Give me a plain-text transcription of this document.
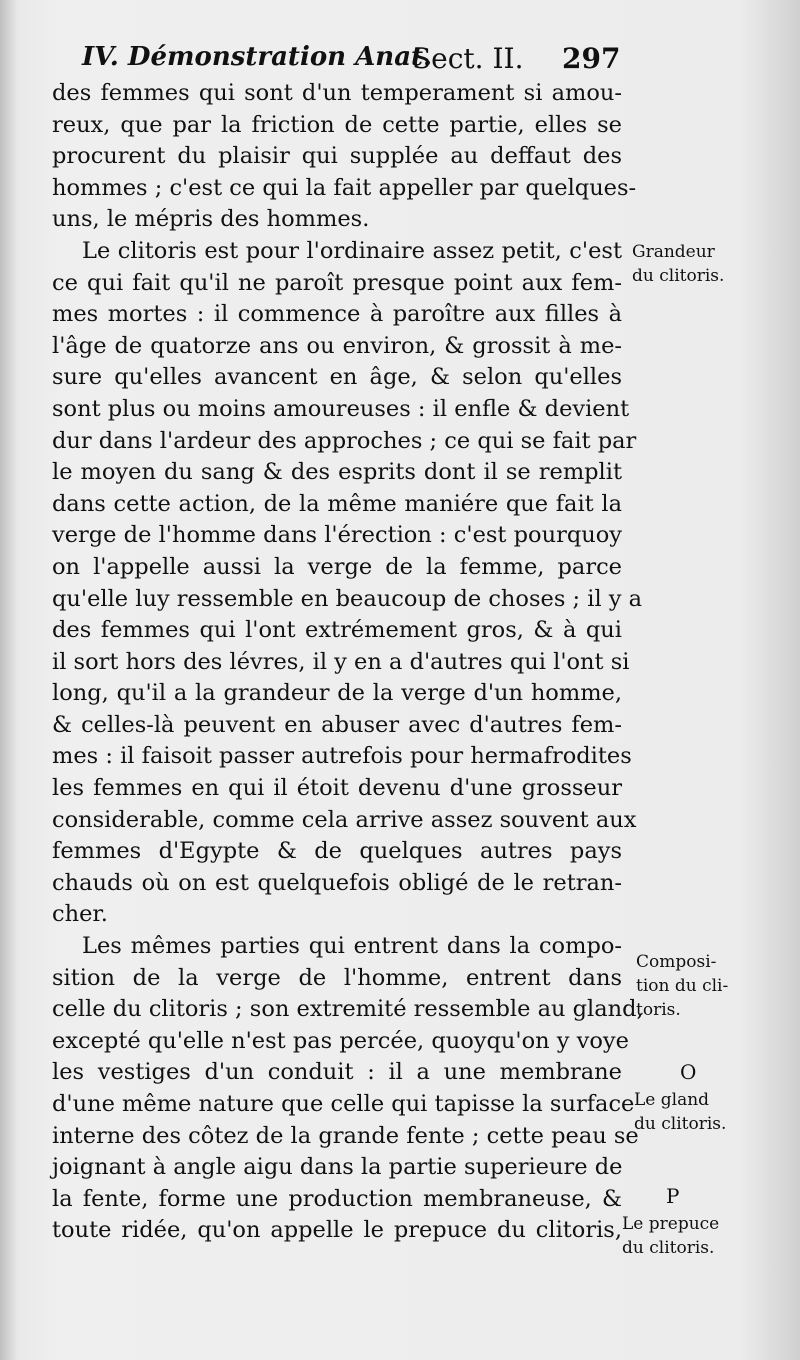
IV. Démonstration Anat.
Sect. II. 297
des femmes qui sont d'un temperament si amou-
reux, que par la friction de cette partie, elles se
procurent du plaisir qui supplée au deffaut des
hommes ; c'est ce qui la fait appeller par quelques-
uns, le mépris des hommes.
Le clitoris est pour l'ordinaire assez petit, c'est
ce qui fait qu'il ne paroît presque point aux fem-
mes mortes : il commence à paroître aux filles à
l'âge de quatorze ans ou environ, & grossit à me-
sure qu'elles avancent en âge, & selon qu'elles
sont plus ou moins amoureuses : il enfle & devient
dur dans l'ardeur des approches ; ce qui se fait par
le moyen du sang & des esprits dont il se remplit
dans cette action, de la même maniére que fait la
verge de l'homme dans l'érection : c'est pourquoy
on l'appelle aussi la verge de la femme, parce
qu'elle luy ressemble en beaucoup de choses ; il y a
des femmes qui l'ont extrémement gros, & à qui
il sort hors des lévres, il y en a d'autres qui l'ont si
long, qu'il a la grandeur de la verge d'un homme,
& celles-là peuvent en abuser avec d'autres fem-
mes : il faisoit passer autrefois pour hermafrodites
les femmes en qui il étoit devenu d'une grosseur
considerable, comme cela arrive assez souvent aux
femmes d'Egypte & de quelques autres pays
chauds où on est quelquefois obligé de le retran-
cher.
Les mêmes parties qui entrent dans la compo-
sition de la verge de l'homme, entrent dans
celle du clitoris ; son extremité ressemble au gland,
excepté qu'elle n'est pas percée, quoyqu'on y voye
les vestiges d'un conduit : il a une membrane
d'une même nature que celle qui tapisse la surface
interne des côtez de la grande fente ; cette peau se
joignant à angle aigu dans la partie superieure de
la fente, forme une production membraneuse, &
toute ridée, qu'on appelle le prepuce du clitoris,
Grandeur
du clitoris.
Composi-
tion du cli-
toris.
O
Le gland
du clitoris.
P
Le prepuce
du clitoris.
